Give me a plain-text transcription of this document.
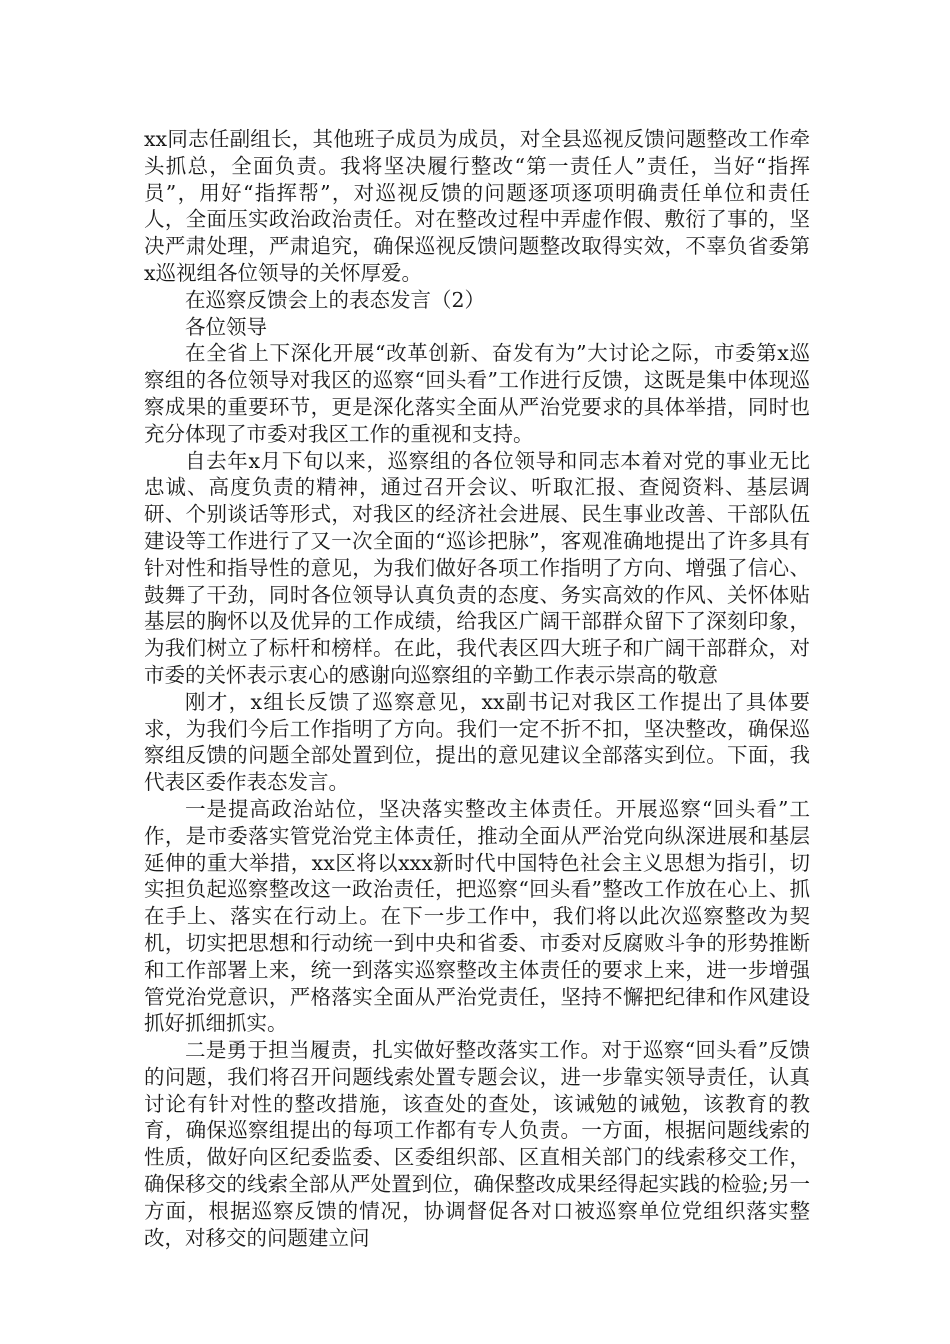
xx同志任副组长，其他班子成员为成员，对全县巡视反馈问题整改工作牵头抓总，全面负责。我将坚决履行整改“第一责任人”责任，当好“指挥员”，用好“指挥帮”，对巡视反馈的问题逐项逐项明确责任单位和责任人，全面压实政治政治责任。对在整改过程中弄虚作假、敷衍了事的，坚决严肃处理，严肃追究，确保巡视反馈问题整改取得实效，不辜负省委第x巡视组各位领导的关怀厚爱。

在巡察反馈会上的表态发言（2）

各位领导

在全省上下深化开展“改革创新、奋发有为”大讨论之际，市委第x巡察组的各位领导对我区的巡察“回头看”工作进行反馈，这既是集中体现巡察成果的重要环节，更是深化落实全面从严治党要求的具体举措，同时也充分体现了市委对我区工作的重视和支持。

自去年x月下旬以来，巡察组的各位领导和同志本着对党的事业无比忠诚、高度负责的精神，通过召开会议、听取汇报、查阅资料、基层调研、个别谈话等形式，对我区的经济社会进展、民生事业改善、干部队伍建设等工作进行了又一次全面的“巡诊把脉”，客观准确地提出了许多具有针对性和指导性的意见，为我们做好各项工作指明了方向、增强了信心、鼓舞了干劲，同时各位领导认真负责的态度、务实高效的作风、关怀体贴基层的胸怀以及优异的工作成绩，给我区广阔干部群众留下了深刻印象，为我们树立了标杆和榜样。在此，我代表区四大班子和广阔干部群众，对市委的关怀表示衷心的感谢向巡察组的辛勤工作表示崇高的敬意

刚才，x组长反馈了巡察意见，xx副书记对我区工作提出了具体要求，为我们今后工作指明了方向。我们一定不折不扣，坚决整改，确保巡察组反馈的问题全部处置到位，提出的意见建议全部落实到位。下面，我代表区委作表态发言。

一是提高政治站位，坚决落实整改主体责任。开展巡察“回头看”工作，是市委落实管党治党主体责任，推动全面从严治党向纵深进展和基层延伸的重大举措，xx区将以xxx新时代中国特色社会主义思想为指引，切实担负起巡察整改这一政治责任，把巡察“回头看”整改工作放在心上、抓在手上、落实在行动上。在下一步工作中，我们将以此次巡察整改为契机，切实把思想和行动统一到中央和省委、市委对反腐败斗争的形势推断和工作部署上来，统一到落实巡察整改主体责任的要求上来，进一步增强管党治党意识，严格落实全面从严治党责任，坚持不懈把纪律和作风建设抓好抓细抓实。

二是勇于担当履责，扎实做好整改落实工作。对于巡察“回头看”反馈的问题，我们将召开问题线索处置专题会议，进一步靠实领导责任，认真讨论有针对性的整改措施，该查处的查处，该诫勉的诫勉，该教育的教育，确保巡察组提出的每项工作都有专人负责。一方面，根据问题线索的性质，做好向区纪委监委、区委组织部、区直相关部门的线索移交工作，确保移交的线索全部从严处置到位，确保整改成果经得起实践的检验;另一方面，根据巡察反馈的情况，协调督促各对口被巡察单位党组织落实整改，对移交的问题建立问
